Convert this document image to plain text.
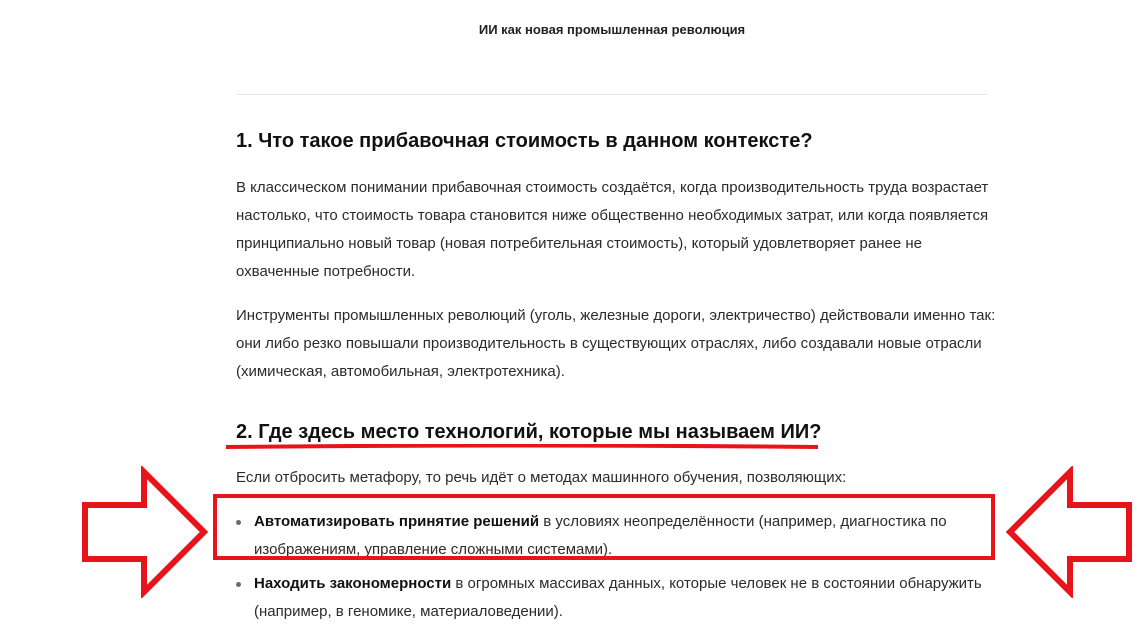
ИИ как новая промышленная революция
1. Что такое прибавочная стоимость в данном контексте?
В классическом понимании прибавочная стоимость создаётся, когда производительность труда возрастает настолько, что стоимость товара становится ниже общественно необходимых затрат, или когда появляется принципиально новый товар (новая потребительная стоимость), который удовлетворяет ранее не охваченные потребности.
Инструменты промышленных революций (уголь, железные дороги, электричество) действовали именно так: они либо резко повышали производительность в существующих отраслях, либо создавали новые отрасли (химическая, автомобильная, электротехника).
2. Где здесь место технологий, которые мы называем ИИ?
Если отбросить метафору, то речь идёт о методах машинного обучения, позволяющих:
Автоматизировать принятие решений в условиях неопределённости (например, диагностика по изображениям, управление сложными системами).
Находить закономерности в огромных массивах данных, которые человек не в состоянии обнаружить (например, в геномике, материаловедении).
